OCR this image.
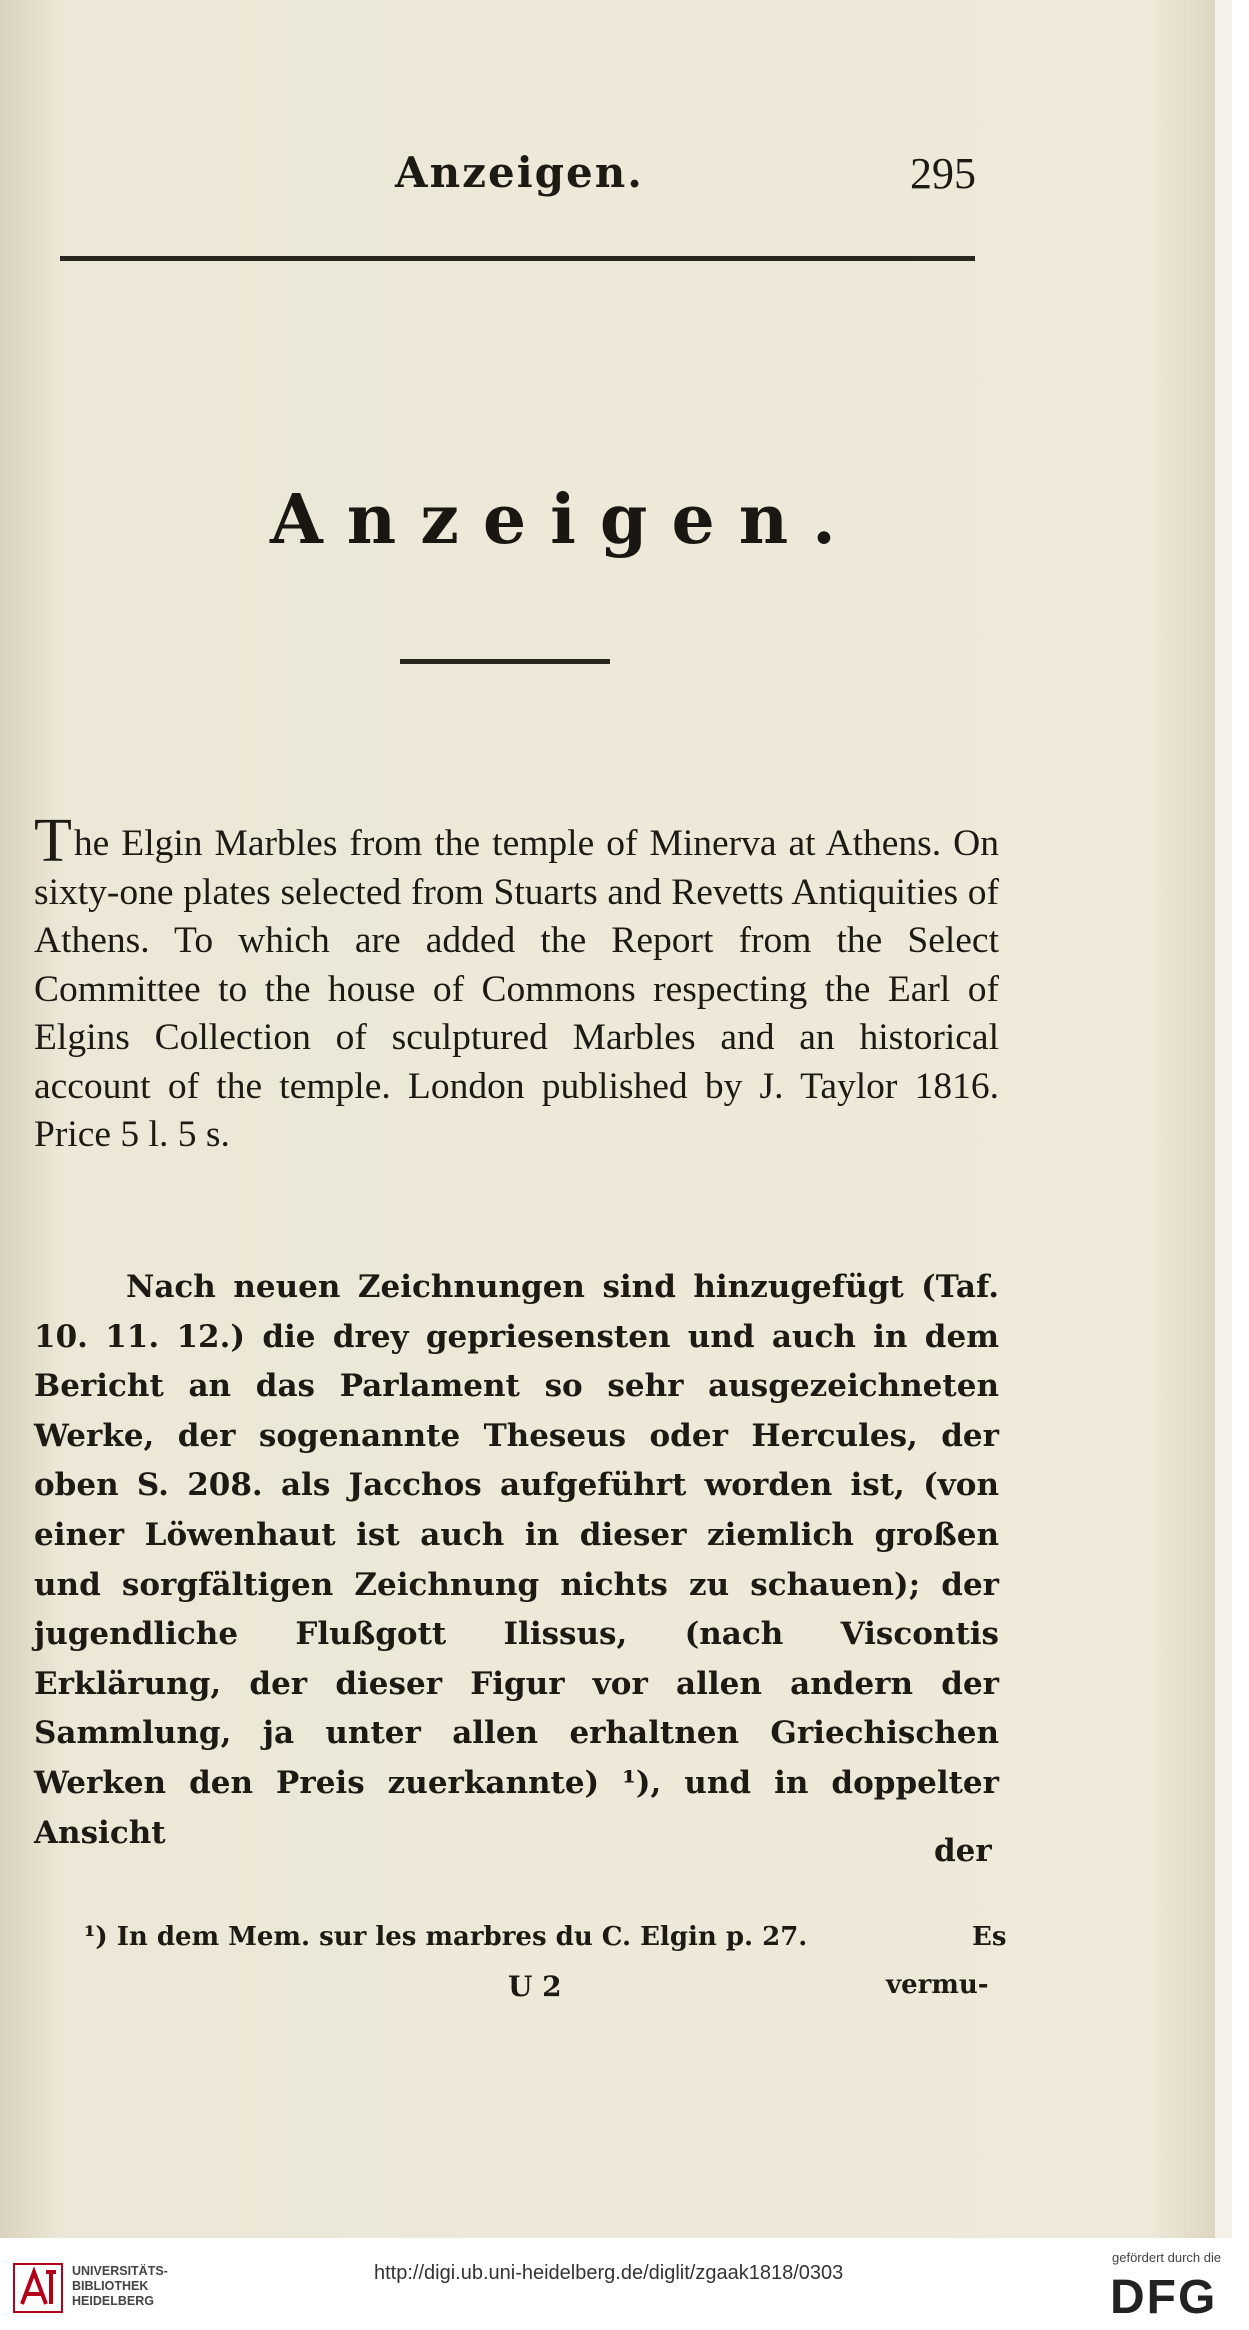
Anzeigen.	295
Anzeigen.
The Elgin Marbles from the temple of Minerva at Athens. On sixty-one plates selected from Stuarts and Revetts Antiquities of Athens. To which are added the Report from the Select Committee to the house of Commons respecting the Earl of Elgins Collection of sculptured Marbles and an historical account of the temple. London published by J. Taylor 1816. Price 5 l. 5 s.
Nach neuen Zeichnungen sind hinzugefügt (Taf. 10. 11. 12.) die drey gepriesensten und auch in dem Bericht an das Parlament so sehr ausgezeichneten Werke, der sogenannte Theseus oder Hercules, der oben S. 208. als Jacchos aufgeführt worden ist, (von einer Löwenhaut ist auch in dieser ziemlich großen und sorgfältigen Zeichnung nichts zu schauen); der jugendliche Flußgott Ilissus, (nach Viscontis Erklärung, der dieser Figur vor allen andern der Sammlung, ja unter allen erhaltnen Griechischen Werken den Preis zuerkannte) ¹), und in doppelter Ansicht
der
¹) In dem Mem. sur les marbres du C. Elgin p. 27.	Es
U 2	vermu-
UNIVERSITÄTS-
BIBLIOTHEK
HEIDELBERG
http://digi.ub.uni-heidelberg.de/diglit/zgaak1818/0303
gefördert durch die
DFG
